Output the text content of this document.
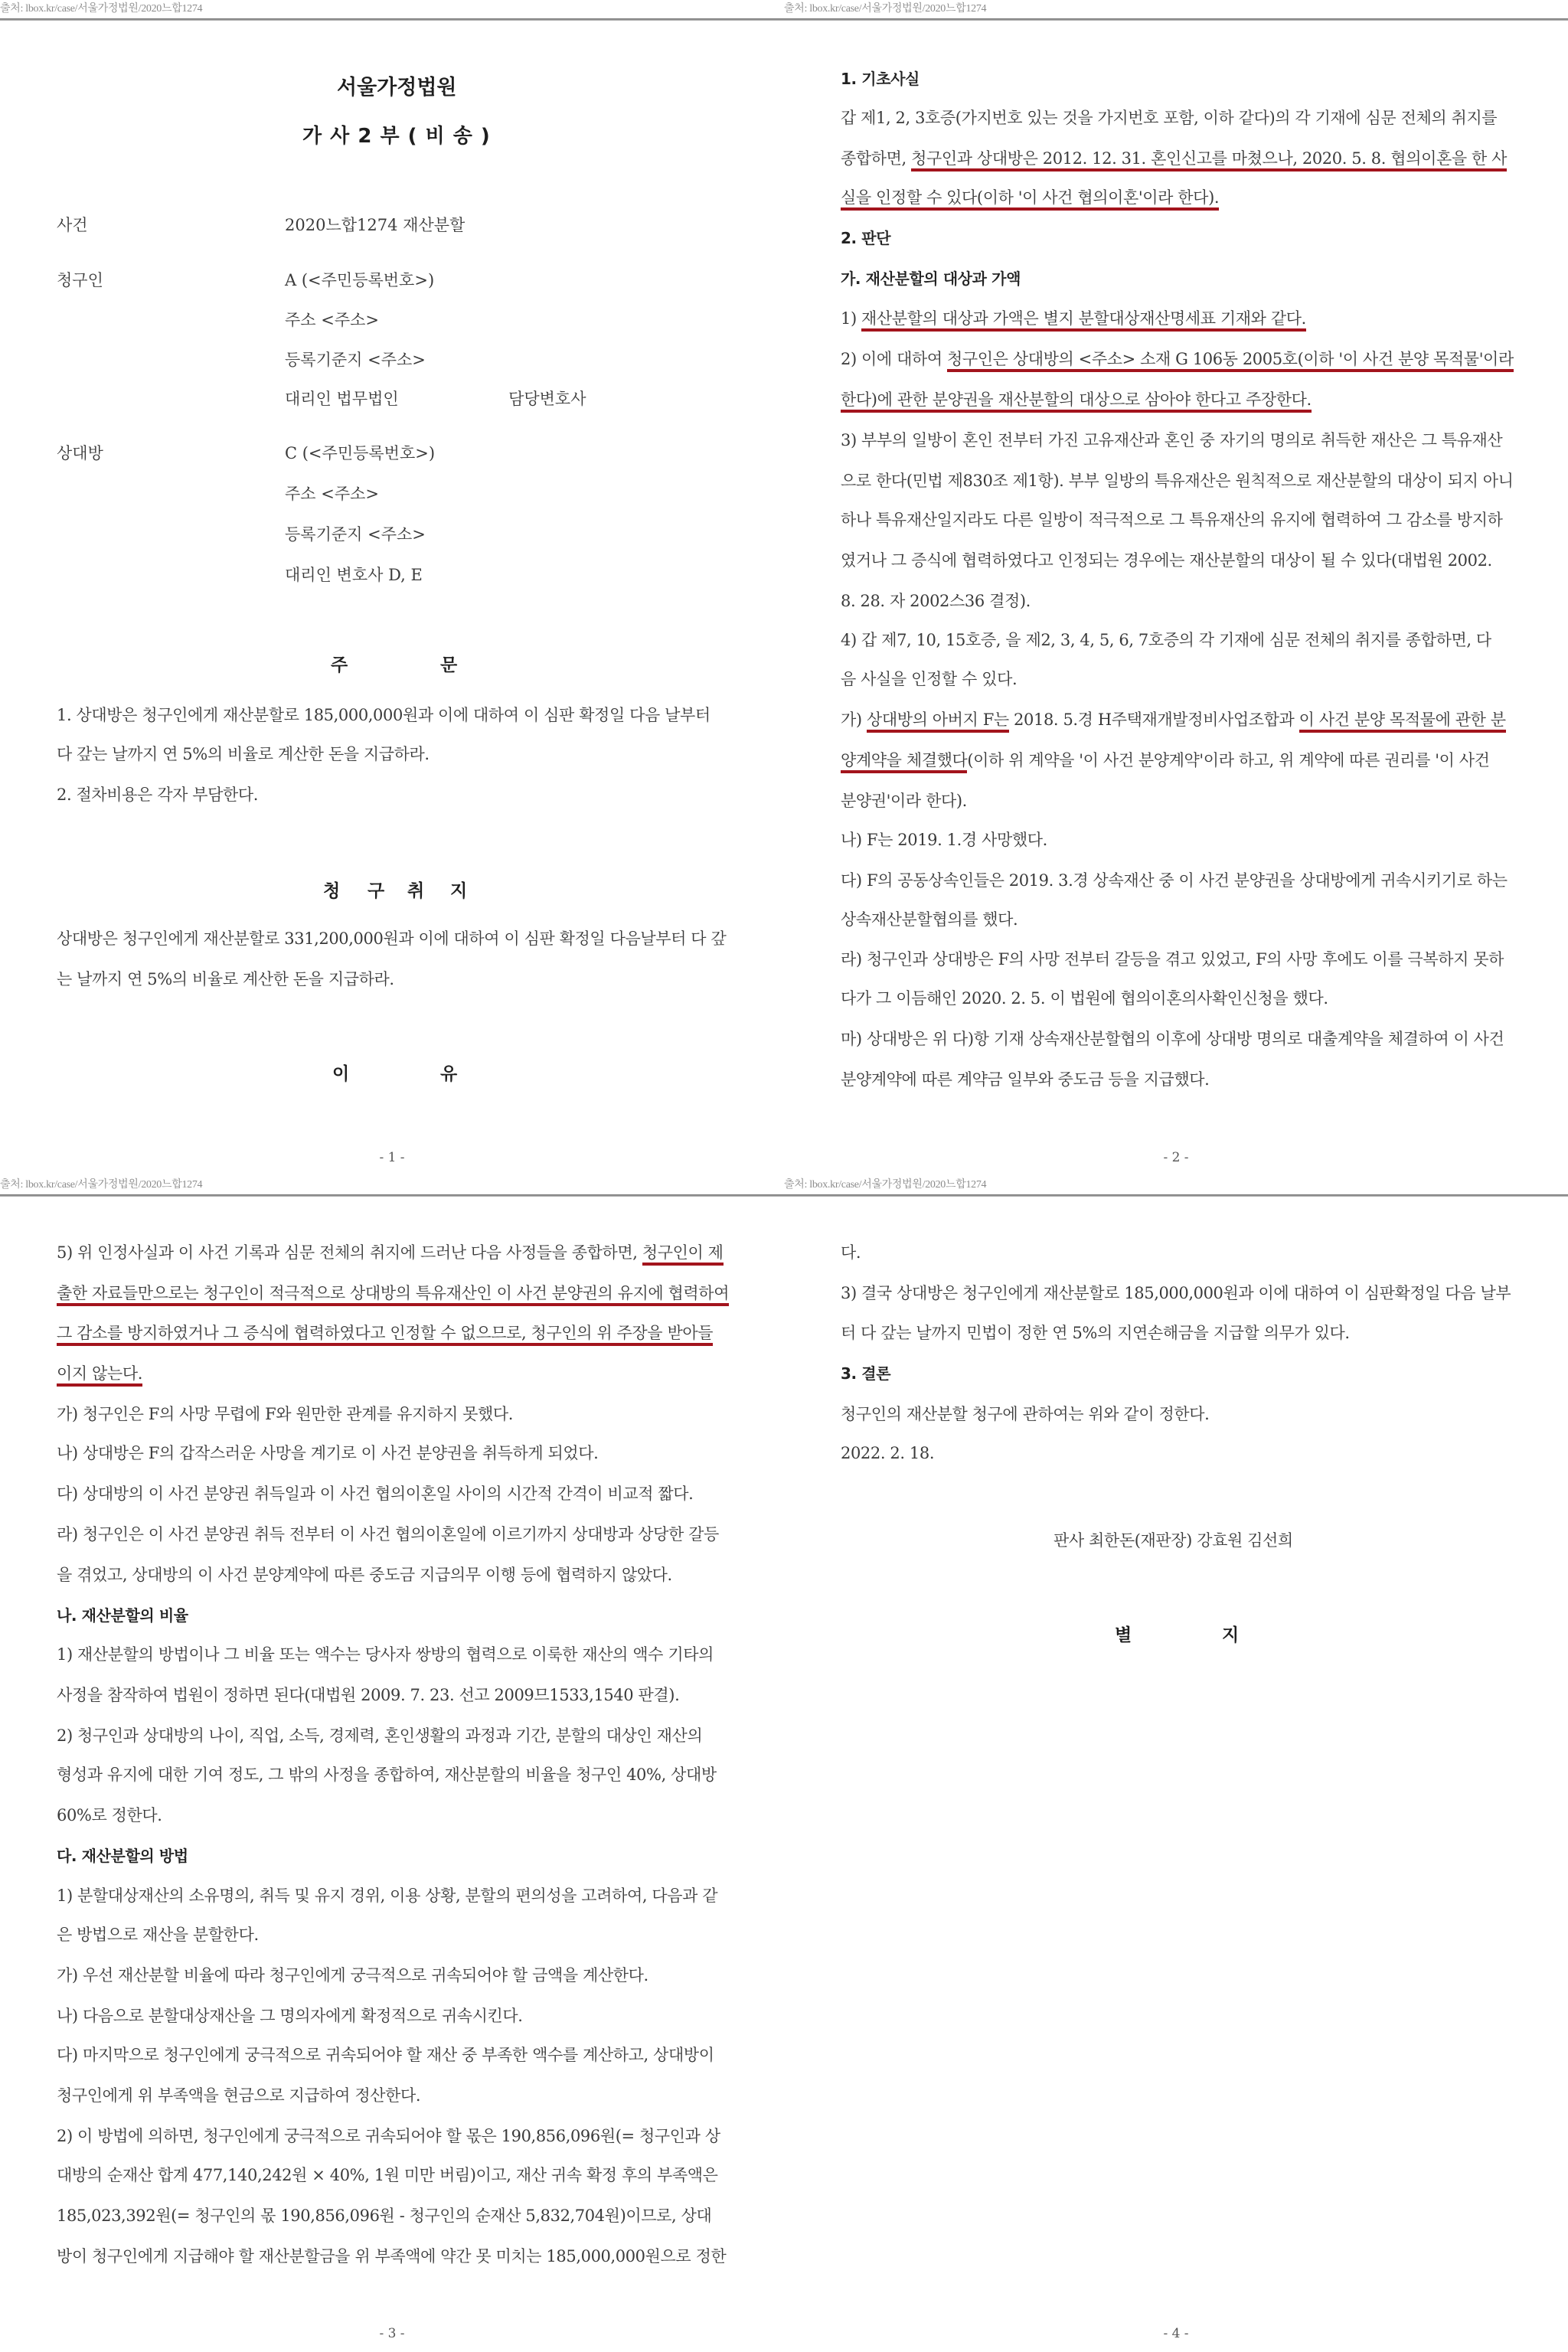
출처: lbox.kr/case/서울가정법원/2020느합1274
서울가정법원
가 사 2 부 ( 비 송 )
사건	2020느합1274 재산분할
청구인	A (<주민등록번호>)
주소 <주소>
등록기준지 <주소>
대리인 법무법인	담당변호사
상대방	C (<주민등록번호>)
주소 <주소>
등록기준지 <주소>
대리인 변호사 D, E
주	문
1. 상대방은 청구인에게 재산분할로 185,000,000원과 이에 대하여 이 심판 확정일 다음 날부터
다 갚는 날까지 연 5%의 비율로 계산한 돈을 지급하라.
2. 절차비용은 각자 부담한다.
청 구 취 지
상대방은 청구인에게 재산분할로 331,200,000원과 이에 대하여 이 심판 확정일 다음날부터 다 갚
는 날까지 연 5%의 비율로 계산한 돈을 지급하라.
이	유
- 1 -
출처: lbox.kr/case/서울가정법원/2020느합1274
1. 기초사실
갑 제1, 2, 3호증(가지번호 있는 것을 가지번호 포함, 이하 같다)의 각 기재에 심문 전체의 취지를
종합하면, 청구인과 상대방은 2012. 12. 31. 혼인신고를 마쳤으나, 2020. 5. 8. 협의이혼을 한 사
실을 인정할 수 있다(이하 '이 사건 협의이혼'이라 한다).
2. 판단
가. 재산분할의 대상과 가액
1) 재산분할의 대상과 가액은 별지 분할대상재산명세표 기재와 같다.
2) 이에 대하여 청구인은 상대방의 <주소> 소재 G 106동 2005호(이하 '이 사건 분양 목적물'이라
한다)에 관한 분양권을 재산분할의 대상으로 삼아야 한다고 주장한다.
3) 부부의 일방이 혼인 전부터 가진 고유재산과 혼인 중 자기의 명의로 취득한 재산은 그 특유재산
으로 한다(민법 제830조 제1항). 부부 일방의 특유재산은 원칙적으로 재산분할의 대상이 되지 아니
하나 특유재산일지라도 다른 일방이 적극적으로 그 특유재산의 유지에 협력하여 그 감소를 방지하
였거나 그 증식에 협력하였다고 인정되는 경우에는 재산분할의 대상이 될 수 있다(대법원 2002.
8. 28. 자 2002스36 결정).
4) 갑 제7, 10, 15호증, 을 제2, 3, 4, 5, 6, 7호증의 각 기재에 심문 전체의 취지를 종합하면, 다
음 사실을 인정할 수 있다.
가) 상대방의 아버지 F는 2018. 5.경 H주택재개발정비사업조합과 이 사건 분양 목적물에 관한 분
양계약을 체결했다(이하 위 계약을 '이 사건 분양계약'이라 하고, 위 계약에 따른 권리를 '이 사건
분양권'이라 한다).
나) F는 2019. 1.경 사망했다.
다) F의 공동상속인들은 2019. 3.경 상속재산 중 이 사건 분양권을 상대방에게 귀속시키기로 하는
상속재산분할협의를 했다.
라) 청구인과 상대방은 F의 사망 전부터 갈등을 겪고 있었고, F의 사망 후에도 이를 극복하지 못하
다가 그 이듬해인 2020. 2. 5. 이 법원에 협의이혼의사확인신청을 했다.
마) 상대방은 위 다)항 기재 상속재산분할협의 이후에 상대방 명의로 대출계약을 체결하여 이 사건
분양계약에 따른 계약금 일부와 중도금 등을 지급했다.
- 2 -
출처: lbox.kr/case/서울가정법원/2020느합1274
5) 위 인정사실과 이 사건 기록과 심문 전체의 취지에 드러난 다음 사정들을 종합하면, 청구인이 제
출한 자료들만으로는 청구인이 적극적으로 상대방의 특유재산인 이 사건 분양권의 유지에 협력하여
그 감소를 방지하였거나 그 증식에 협력하였다고 인정할 수 없으므로, 청구인의 위 주장을 받아들
이지 않는다.
가) 청구인은 F의 사망 무렵에 F와 원만한 관계를 유지하지 못했다.
나) 상대방은 F의 갑작스러운 사망을 계기로 이 사건 분양권을 취득하게 되었다.
다) 상대방의 이 사건 분양권 취득일과 이 사건 협의이혼일 사이의 시간적 간격이 비교적 짧다.
라) 청구인은 이 사건 분양권 취득 전부터 이 사건 협의이혼일에 이르기까지 상대방과 상당한 갈등
을 겪었고, 상대방의 이 사건 분양계약에 따른 중도금 지급의무 이행 등에 협력하지 않았다.
나. 재산분할의 비율
1) 재산분할의 방법이나 그 비율 또는 액수는 당사자 쌍방의 협력으로 이룩한 재산의 액수 기타의
사정을 참작하여 법원이 정하면 된다(대법원 2009. 7. 23. 선고 2009므1533,1540 판결).
2) 청구인과 상대방의 나이, 직업, 소득, 경제력, 혼인생활의 과정과 기간, 분할의 대상인 재산의
형성과 유지에 대한 기여 정도, 그 밖의 사정을 종합하여, 재산분할의 비율을 청구인 40%, 상대방
60%로 정한다.
다. 재산분할의 방법
1) 분할대상재산의 소유명의, 취득 및 유지 경위, 이용 상황, 분할의 편의성을 고려하여, 다음과 같
은 방법으로 재산을 분할한다.
가) 우선 재산분할 비율에 따라 청구인에게 궁극적으로 귀속되어야 할 금액을 계산한다.
나) 다음으로 분할대상재산을 그 명의자에게 확정적으로 귀속시킨다.
다) 마지막으로 청구인에게 궁극적으로 귀속되어야 할 재산 중 부족한 액수를 계산하고, 상대방이
청구인에게 위 부족액을 현금으로 지급하여 정산한다.
2) 이 방법에 의하면, 청구인에게 궁극적으로 귀속되어야 할 몫은 190,856,096원(= 청구인과 상
대방의 순재산 합계 477,140,242원 × 40%, 1원 미만 버림)이고, 재산 귀속 확정 후의 부족액은
185,023,392원(= 청구인의 몫 190,856,096원 - 청구인의 순재산 5,832,704원)이므로, 상대
방이 청구인에게 지급해야 할 재산분할금을 위 부족액에 약간 못 미치는 185,000,000원으로 정한
- 3 -
출처: lbox.kr/case/서울가정법원/2020느합1274
다.
3) 결국 상대방은 청구인에게 재산분할로 185,000,000원과 이에 대하여 이 심판확정일 다음 날부
터 다 갚는 날까지 민법이 정한 연 5%의 지연손해금을 지급할 의무가 있다.
3. 결론
청구인의 재산분할 청구에 관하여는 위와 같이 정한다.
2022. 2. 18.
판사 최한돈(재판장) 강효원 김선희
별	지
- 4 -
